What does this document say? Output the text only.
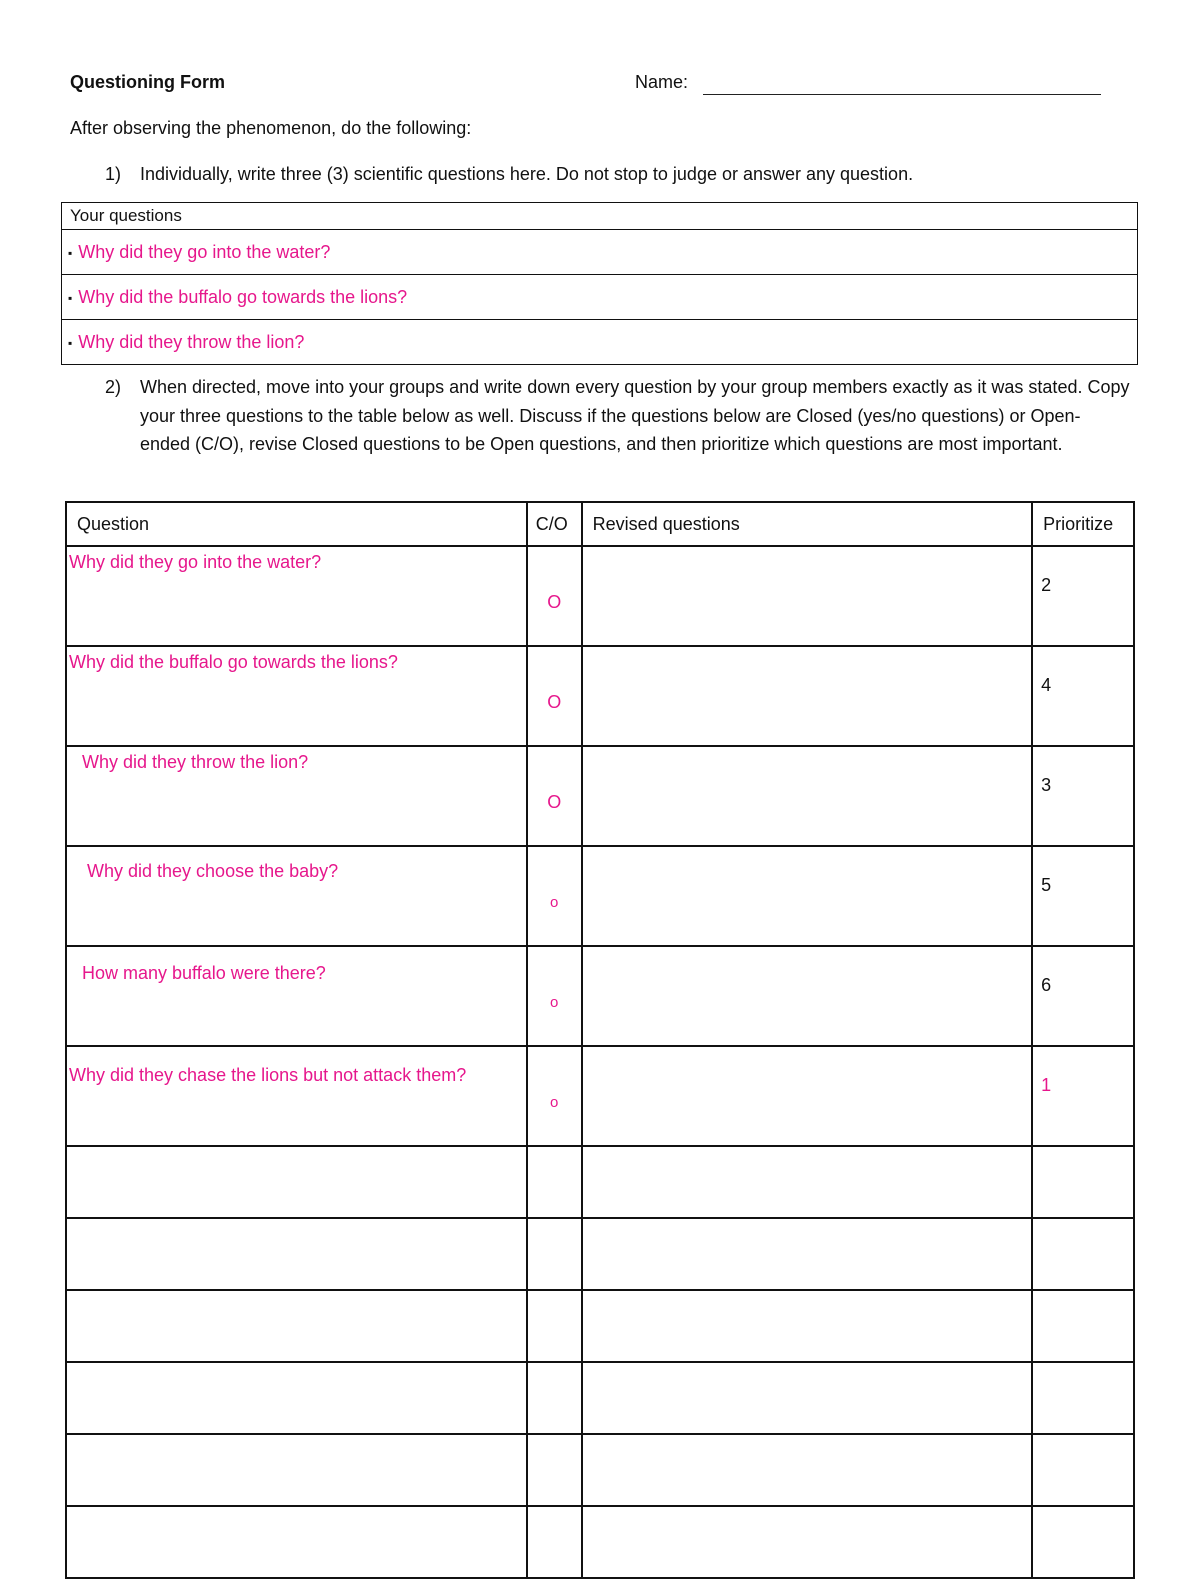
Questioning Form	Name:
After observing the phenomenon, do the following:
1) Individually, write three (3) scientific questions here. Do not stop to judge or answer any question.
Your questions
▪ Why did they go into the water?
▪ Why did the buffalo go towards the lions?
▪ Why did they throw the lion?
2) When directed, move into your groups and write down every question by your group members exactly as it was stated. Copy your three questions to the table below as well. Discuss if the questions below are Closed (yes/no questions) or Open-ended (C/O), revise Closed questions to be Open questions, and then prioritize which questions are most important.
Question	C/O	Revised questions	Prioritize
Why did they go into the water?	O		2
Why did the buffalo go towards the lions?	O		4
Why did they throw the lion?	O		3
Why did they choose the baby?	o		5
How many buffalo were there?	o		6
Why did they chase the lions but not attack them?	o		1
